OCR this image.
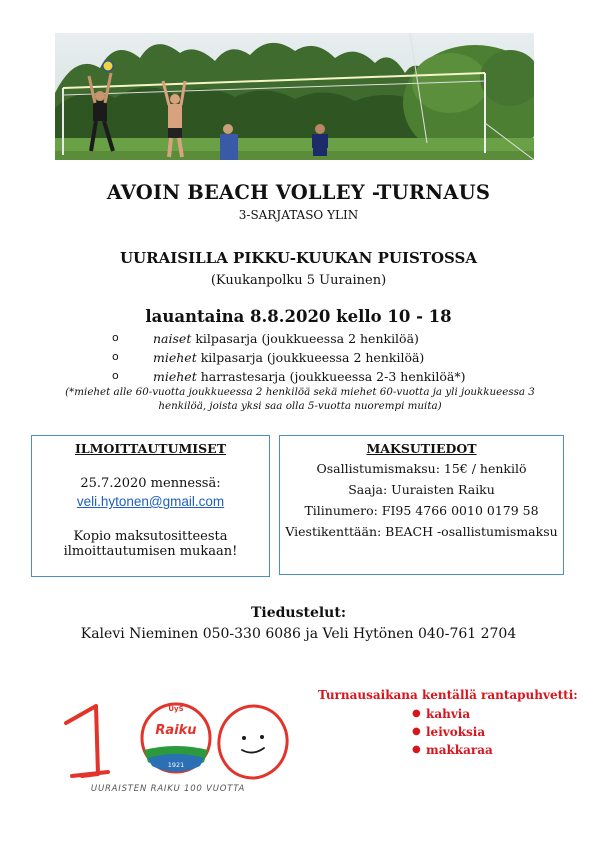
AVOIN BEACH VOLLEY -TURNAUS
3-SARJATASO YLIN
UURAISILLA PIKKU-KUUKAN PUISTOSSA
(Kuukanpolku 5 Uurainen)
lauantaina 8.8.2020 kello 10 - 18
o	naiset kilpasarja (joukkueessa 2 henkilöä)
o	miehet kilpasarja (joukkueessa 2 henkilöä)
o	miehet harrastesarja (joukkueessa 2-3 henkilöä*)
(*miehet alle 60-vuotta joukkueessa 2 henkilöä sekä miehet 60-vuotta ja yli joukkueessa 3 henkilöä, joista yksi saa olla 5-vuotta nuorempi muita)
ILMOITTAUTUMISET
25.7.2020 mennessä:
veli.hytonen@gmail.com
Kopio maksutositteesta
ilmoittautumisen mukaan!
MAKSUTIEDOT
Osallistumismaksu: 15€ / henkilö
Saaja: Uuraisten Raiku
Tilinumero: FI95 4766 0010 0179 58
Viestikenttään: BEACH -osallistumismaksu
Tiedustelut:
Kalevi Nieminen 050-330 6086 ja Veli Hytönen 040-761 2704
Turnausaikana kentällä rantapuhvetti:
● kahvia
● leivoksia
● makkaraa
Raiku
UyS
1921
UURAISTEN RAIKU 100 VUOTTA
